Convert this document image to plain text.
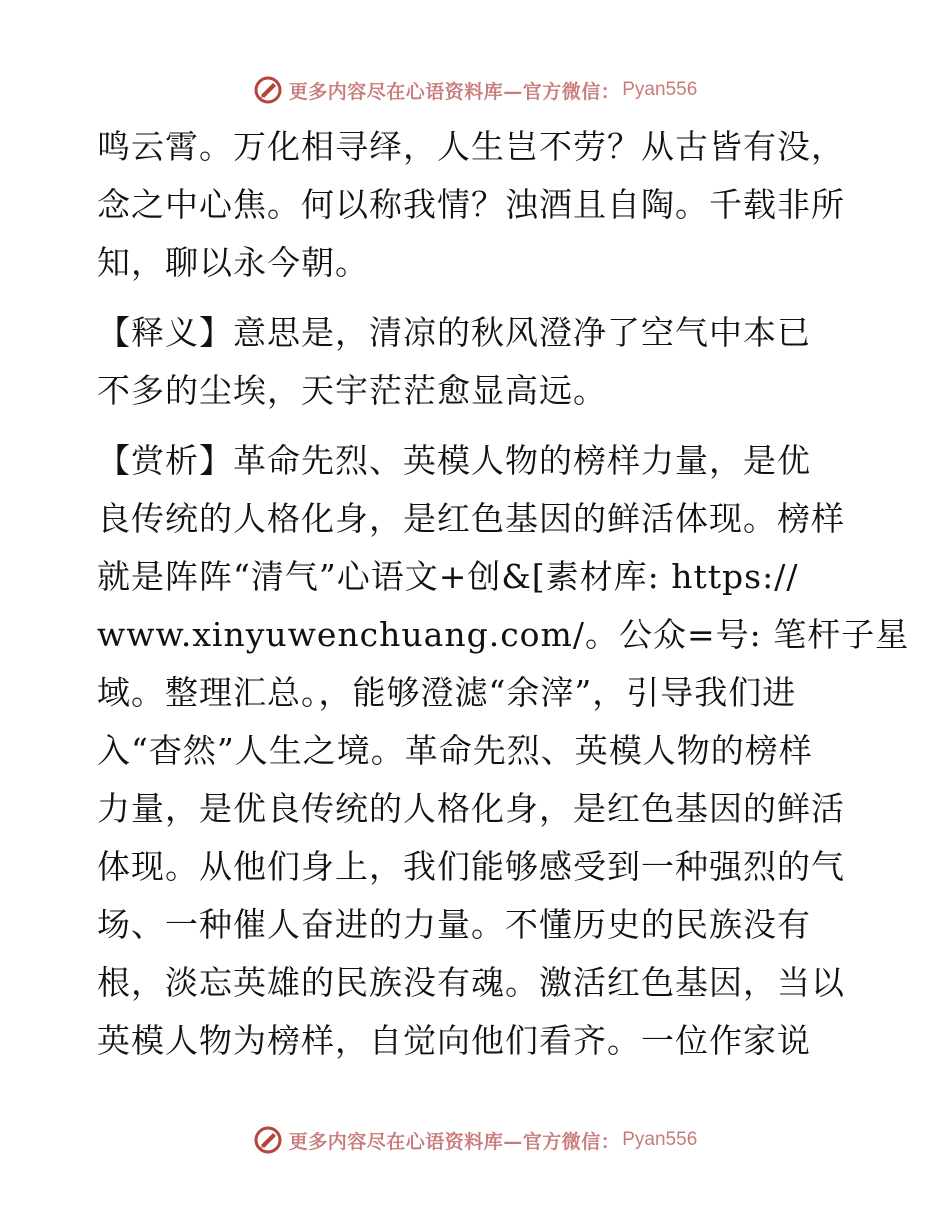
更多内容尽在心语资料库—官方微信： Pyan556
鸣云霄。万化相寻绎，人生岂不劳？从古皆有没，
念之中心焦。何以称我情？浊酒且自陶。千载非所
知，聊以永今朝。
【释义】意思是，清凉的秋风澄净了空气中本已
不多的尘埃，天宇茫茫愈显高远。
【赏析】革命先烈、英模人物的榜样力量，是优
良传统的人格化身，是红色基因的鲜活体现。榜样
就是阵阵“清气”心语文+创&[素材库: https://
www.xinyuwenchuang.com/。公众=号: 笔杆子星
域。整理汇总。，能够澄滤“余滓”，引导我们进
入“杳然”人生之境。革命先烈、英模人物的榜样
力量，是优良传统的人格化身，是红色基因的鲜活
体现。从他们身上，我们能够感受到一种强烈的气
场、一种催人奋进的力量。不懂历史的民族没有
根，淡忘英雄的民族没有魂。激活红色基因，当以
英模人物为榜样，自觉向他们看齐。一位作家说
更多内容尽在心语资料库—官方微信： Pyan556
